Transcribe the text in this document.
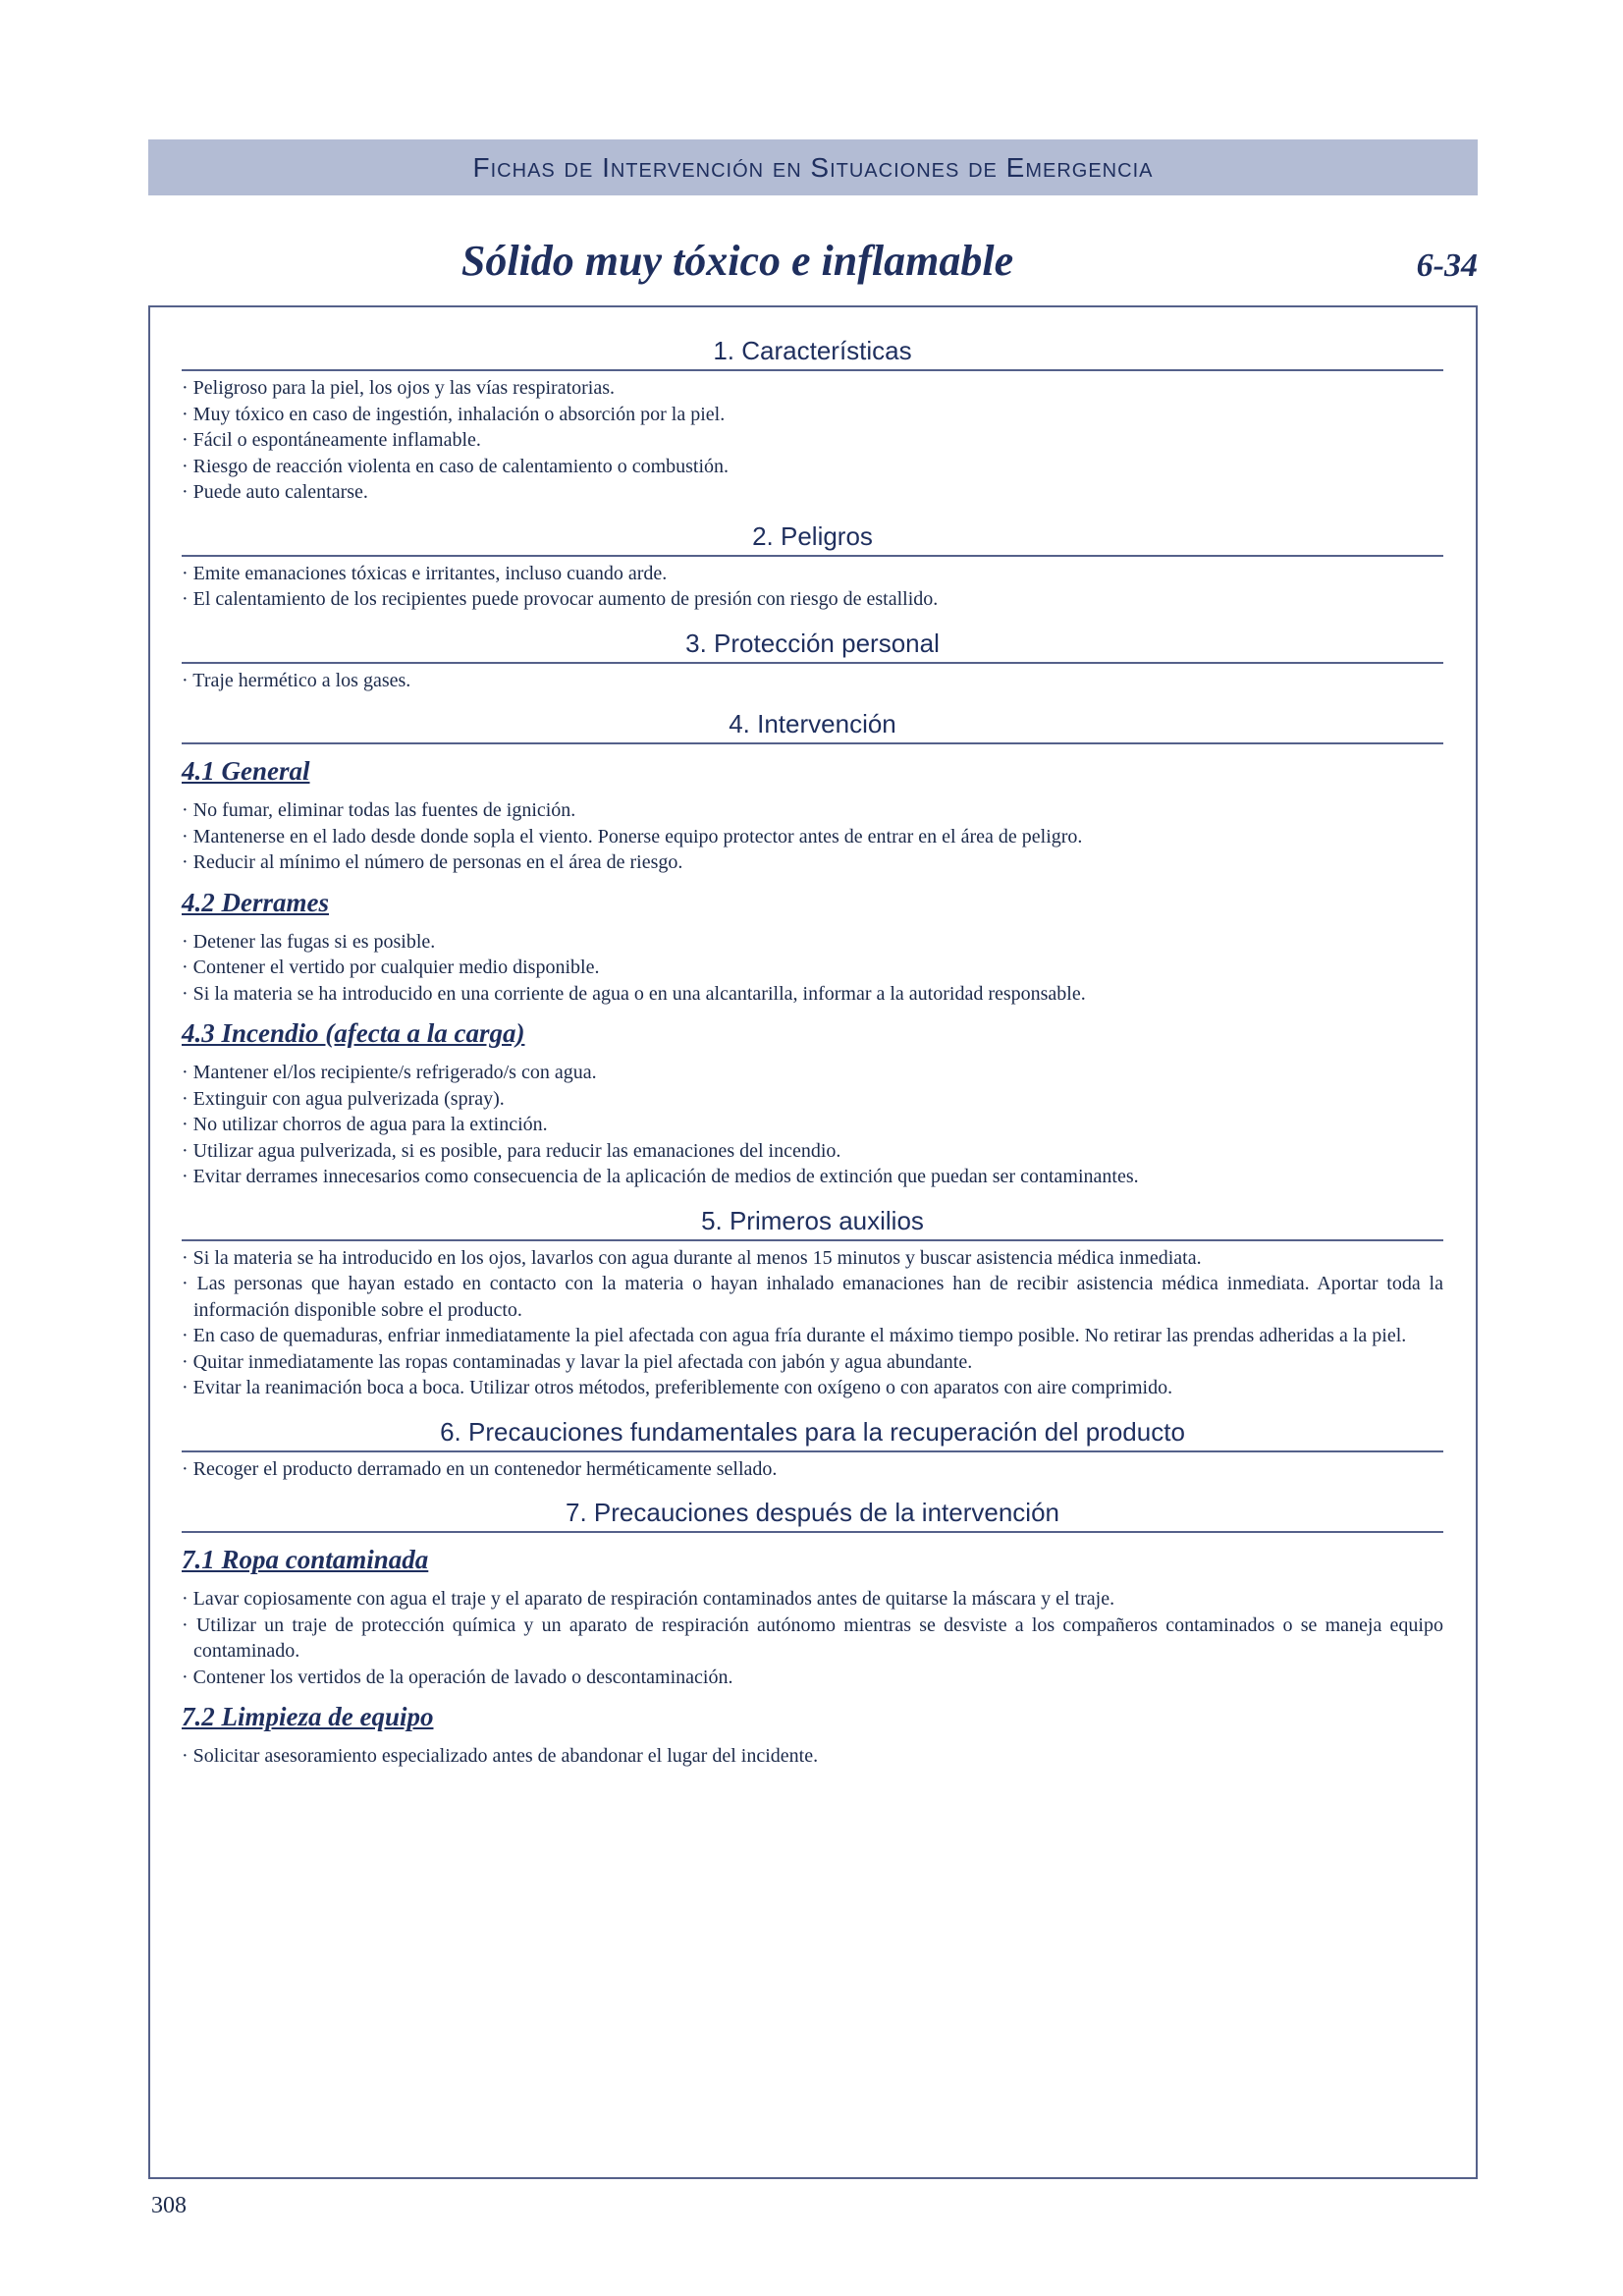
Fichas de Intervención en Situaciones de Emergencia
Sólido muy tóxico e inflamable	6-34
1. Características
· Peligroso para la piel, los ojos y las vías respiratorias.
· Muy tóxico en caso de ingestión, inhalación o absorción por la piel.
· Fácil o espontáneamente inflamable.
· Riesgo de reacción violenta en caso de calentamiento o combustión.
· Puede auto calentarse.
2. Peligros
· Emite emanaciones tóxicas e irritantes, incluso cuando arde.
· El calentamiento de los recipientes puede provocar aumento de presión con riesgo de estallido.
3. Protección personal
· Traje hermético a los gases.
4. Intervención
4.1 General
· No fumar, eliminar todas las fuentes de ignición.
· Mantenerse en el lado desde donde sopla el viento. Ponerse equipo protector antes de entrar en el área de peligro.
· Reducir al mínimo el número de personas en el área de riesgo.
4.2 Derrames
· Detener las fugas si es posible.
· Contener el vertido por cualquier medio disponible.
· Si la materia se ha introducido en una corriente de agua o en una alcantarilla, informar a la autoridad responsable.
4.3 Incendio (afecta a la carga)
· Mantener el/los recipiente/s refrigerado/s con agua.
· Extinguir con agua pulverizada (spray).
· No utilizar chorros de agua para la extinción.
· Utilizar agua pulverizada, si es posible, para reducir las emanaciones del incendio.
· Evitar derrames innecesarios como consecuencia de la aplicación de medios de extinción que puedan ser contaminantes.
5. Primeros auxilios
· Si la materia se ha introducido en los ojos, lavarlos con agua durante al menos 15 minutos y buscar asistencia médica inmediata.
· Las personas que hayan estado en contacto con la materia o hayan inhalado emanaciones han de recibir asistencia médica inmediata. Aportar toda la información disponible sobre el producto.
· En caso de quemaduras, enfriar inmediatamente la piel afectada con agua fría durante el máximo tiempo posible. No retirar las prendas adheridas a la piel.
· Quitar inmediatamente las ropas contaminadas y lavar la piel afectada con jabón y agua abundante.
· Evitar la reanimación boca a boca. Utilizar otros métodos, preferiblemente con oxígeno o con aparatos con aire comprimido.
6. Precauciones fundamentales para la recuperación del producto
· Recoger el producto derramado en un contenedor herméticamente sellado.
7. Precauciones después de la intervención
7.1 Ropa contaminada
· Lavar copiosamente con agua el traje y el aparato de respiración contaminados antes de quitarse la máscara y el traje.
· Utilizar un traje de protección química y un aparato de respiración autónomo mientras se desviste a los compañeros contaminados o se maneja equipo contaminado.
· Contener los vertidos de la operación de lavado o descontaminación.
7.2 Limpieza de equipo
· Solicitar asesoramiento especializado antes de abandonar el lugar del incidente.
308
